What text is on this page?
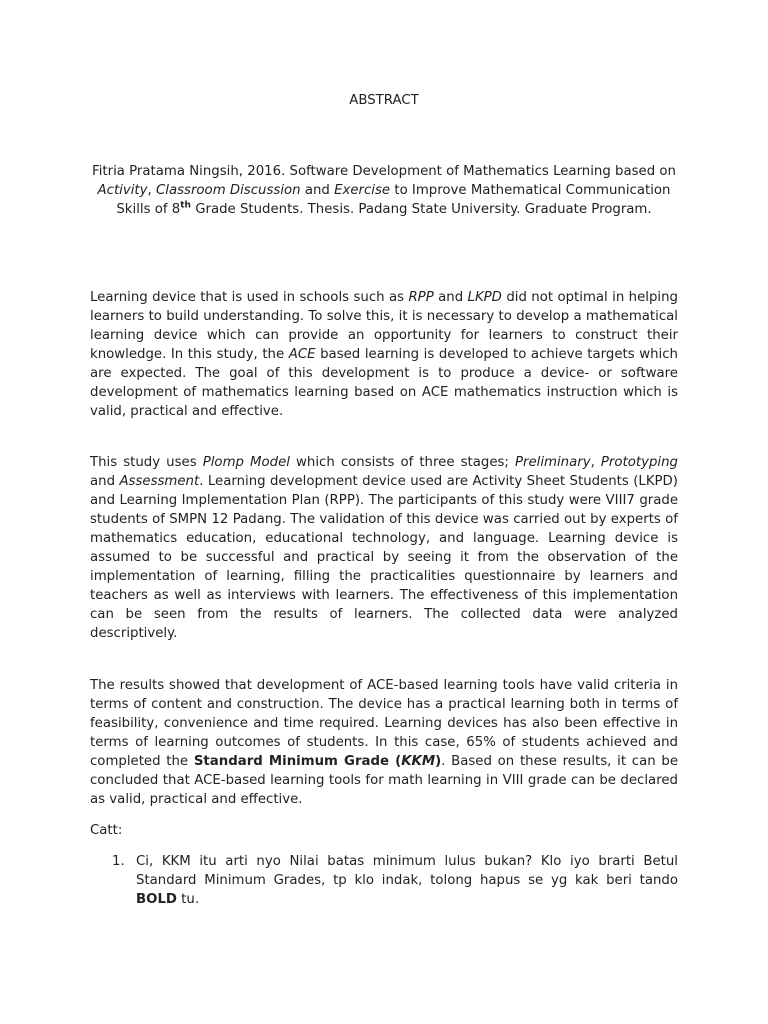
ABSTRACT
Fitria Pratama Ningsih, 2016. Software Development of Mathematics Learning based on Activity, Classroom Discussion and Exercise to Improve Mathematical Communication Skills of 8th Grade Students. Thesis. Padang State University. Graduate Program.
Learning device that is used in schools such as RPP and LKPD did not optimal in helping learners to build understanding. To solve this, it is necessary to develop a mathematical learning device which can provide an opportunity for learners to construct their knowledge. In this study, the ACE based learning is developed to achieve targets which are expected. The goal of this development is to produce a device- or software development of mathematics learning based on ACE mathematics instruction which is valid, practical and effective.
This study uses Plomp Model which consists of three stages; Preliminary, Prototyping and Assessment. Learning development device used are Activity Sheet Students (LKPD) and Learning Implementation Plan (RPP). The participants of this study were VIII7 grade students of SMPN 12 Padang. The validation of this device was carried out by experts of mathematics education, educational technology, and language. Learning device is assumed to be successful and practical by seeing it from the observation of the implementation of learning, filling the practicalities questionnaire by learners and teachers as well as interviews with learners. The effectiveness of this implementation can be seen from the results of learners. The collected data were analyzed descriptively.
The results showed that development of ACE-based learning tools have valid criteria in terms of content and construction. The device has a practical learning both in terms of feasibility, convenience and time required. Learning devices has also been effective in terms of learning outcomes of students. In this case, 65% of students achieved and completed the Standard Minimum Grade (KKM). Based on these results, it can be concluded that ACE-based learning tools for math learning in VIII grade can be declared as valid, practical and effective.
Catt:
1. Ci, KKM itu arti nyo Nilai batas minimum lulus bukan? Klo iyo brarti Betul Standard Minimum Grades, tp klo indak, tolong hapus se yg kak beri tando BOLD tu.
